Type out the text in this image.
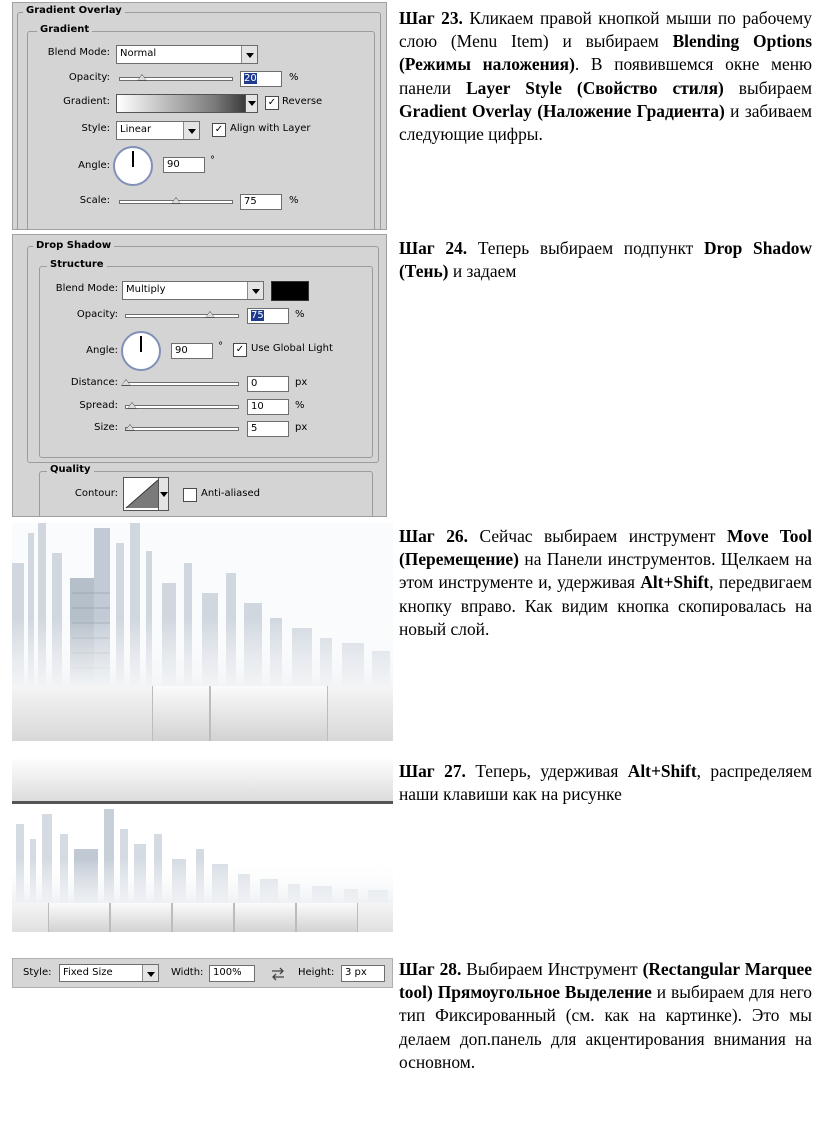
Gradient Overlay
Gradient
Blend Mode:	Normal
Opacity:	20	%
Gradient:	✓ Reverse
Style:	Linear	✓ Align with Layer
Angle:	90	°
Scale:	75	%
Drop Shadow
Structure
Blend Mode: Multiply
Opacity:	75	%
Angle:	90	° ✓ Use Global Light
Distance:	0	px
Spread:	10	%
Size:	5	px
Quality
Contour:	Anti-aliased
Style:	Fixed Size	Width: 100%	Height:	3 px

Шаг 23. Кликаем правой кнопкой мыши по рабочему слою (Menu Item) и выбираем Blending Options (Режимы наложения). В появившемся окне меню панели Layer Style (Свойство стиля) выбираем Gradient Overlay (Наложение Градиента) и забиваем следующие цифры.

Шаг 24. Теперь выбираем подпункт Drop Shadow (Тень) и задаем

Шаг 26. Сейчас выбираем инструмент Move Tool (Перемещение) на Панели инструментов. Щелкаем на этом инструменте и, удерживая Alt+Shift, передвигаем кнопку вправо. Как видим кнопка скопировалась на новый слой.

Шаг 27. Теперь, удерживая Alt+Shift, распределяем наши клавиши как на рисунке

Шаг 28. Выбираем Инструмент (Rectangular Marquee tool) Прямоугольное Выделение и выбираем для него тип Фиксированный (см. как на картинке). Это мы делаем доп.панель для акцентирования внимания на основном.
